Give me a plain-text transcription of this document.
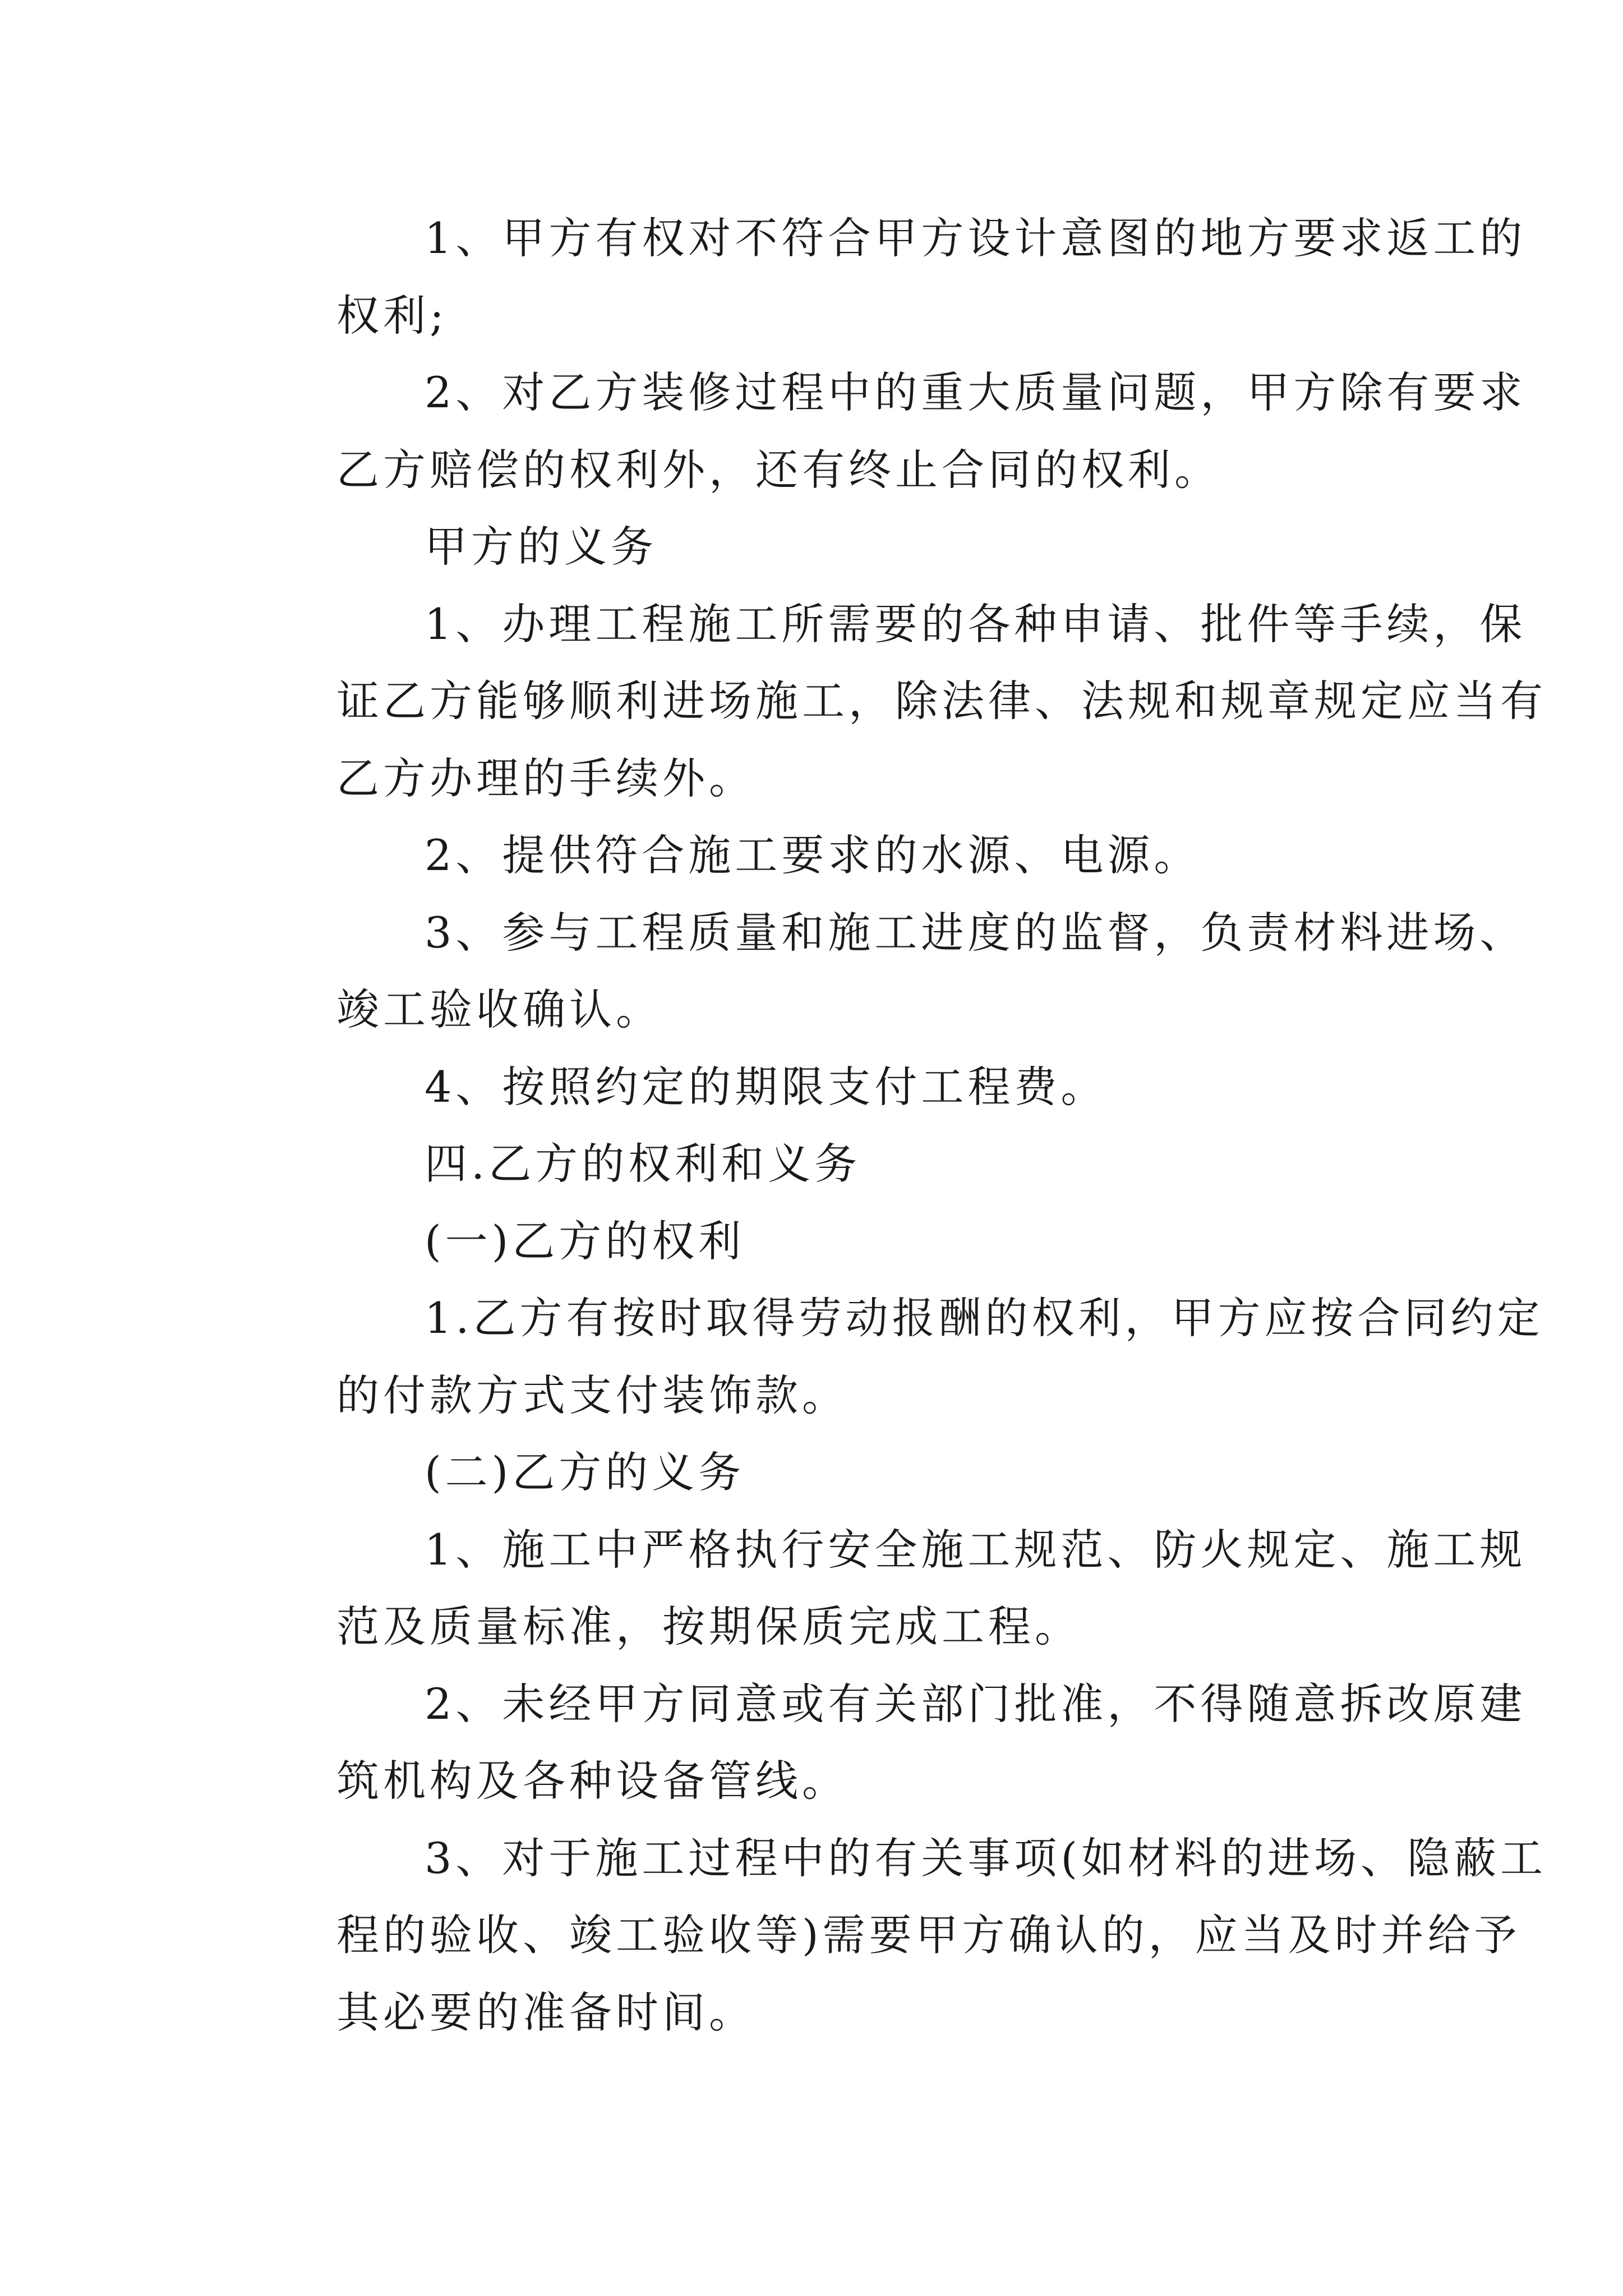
1、甲方有权对不符合甲方设计意图的地方要求返工的
权利;
2、对乙方装修过程中的重大质量问题，甲方除有要求
乙方赔偿的权利外，还有终止合同的权利。
甲方的义务
1、办理工程施工所需要的各种申请、批件等手续，保
证乙方能够顺利进场施工，除法律、法规和规章规定应当有
乙方办理的手续外。
2、提供符合施工要求的水源、电源。
3、参与工程质量和施工进度的监督，负责材料进场、
竣工验收确认。
4、按照约定的期限支付工程费。
四.乙方的权利和义务
(一)乙方的权利
1.乙方有按时取得劳动报酬的权利，甲方应按合同约定
的付款方式支付装饰款。
(二)乙方的义务
1、施工中严格执行安全施工规范、防火规定、施工规
范及质量标准，按期保质完成工程。
2、未经甲方同意或有关部门批准，不得随意拆改原建
筑机构及各种设备管线。
3、对于施工过程中的有关事项(如材料的进场、隐蔽工
程的验收、竣工验收等)需要甲方确认的，应当及时并给予
其必要的准备时间。
